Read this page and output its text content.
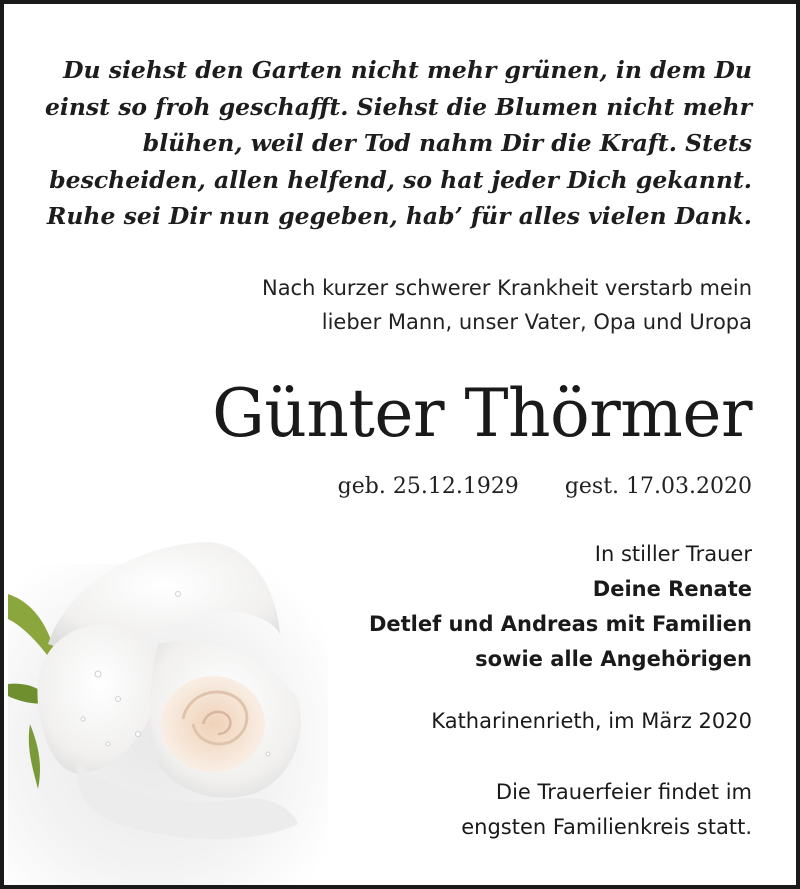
Du siehst den Garten nicht mehr grünen, in dem Du
einst so froh geschafft. Siehst die Blumen nicht mehr
blühen, weil der Tod nahm Dir die Kraft. Stets
bescheiden, allen helfend, so hat jeder Dich gekannt.
Ruhe sei Dir nun gegeben, hab’ für alles vielen Dank.
Nach kurzer schwerer Krankheit verstarb mein
lieber Mann, unser Vater, Opa und Uropa
Günter Thörmer
geb. 25.12.1929 gest. 17.03.2020
In stiller Trauer
Deine Renate
Detlef und Andreas mit Familien
sowie alle Angehörigen
Katharinenrieth, im März 2020
Die Trauerfeier findet im
engsten Familienkreis statt.
